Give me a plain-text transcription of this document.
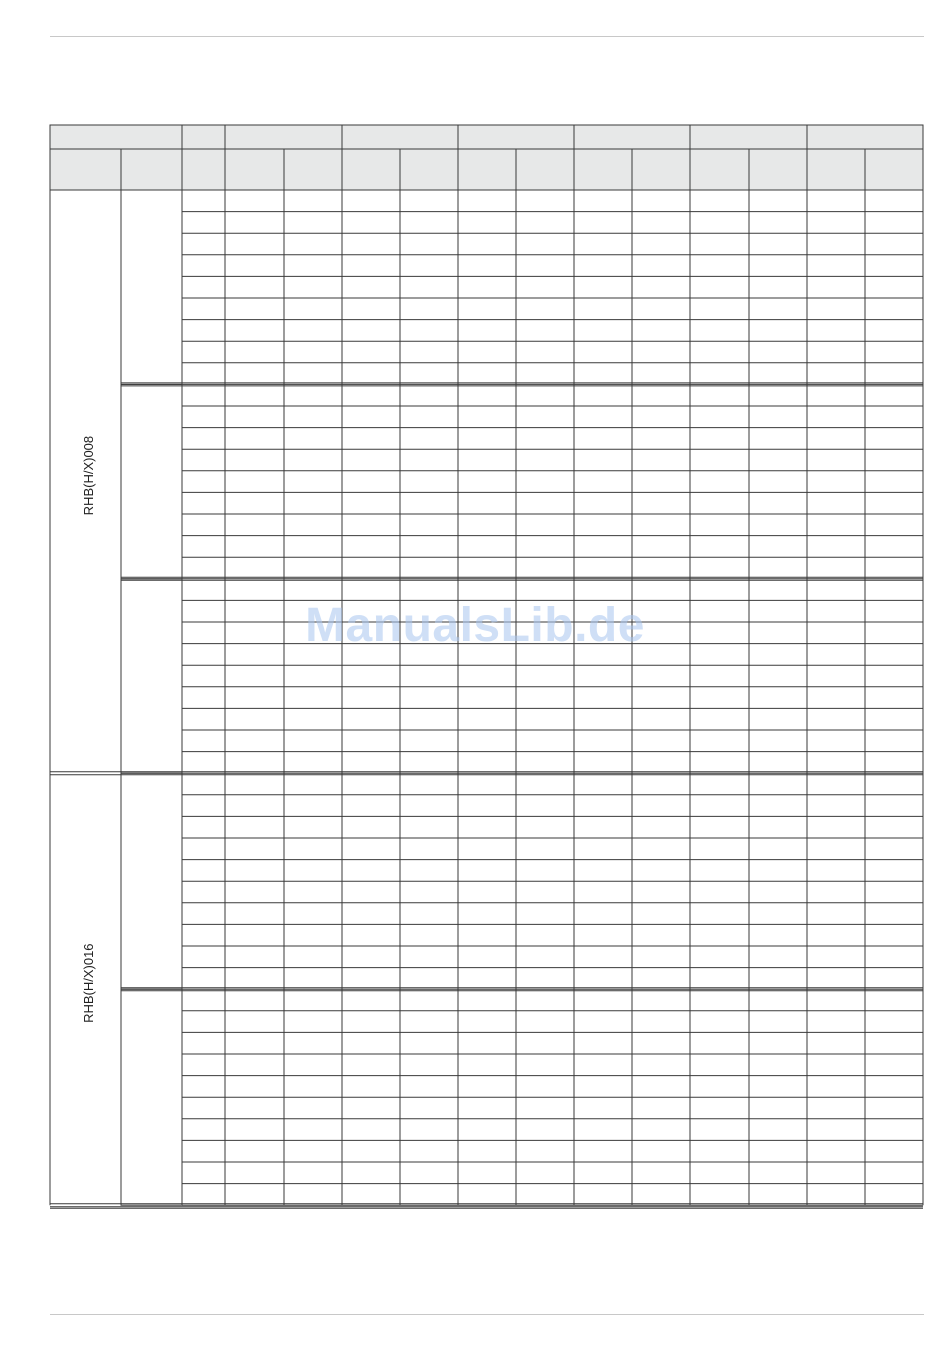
RHB(H/X)008
RHB(H/X)016
ManualsLib.de
